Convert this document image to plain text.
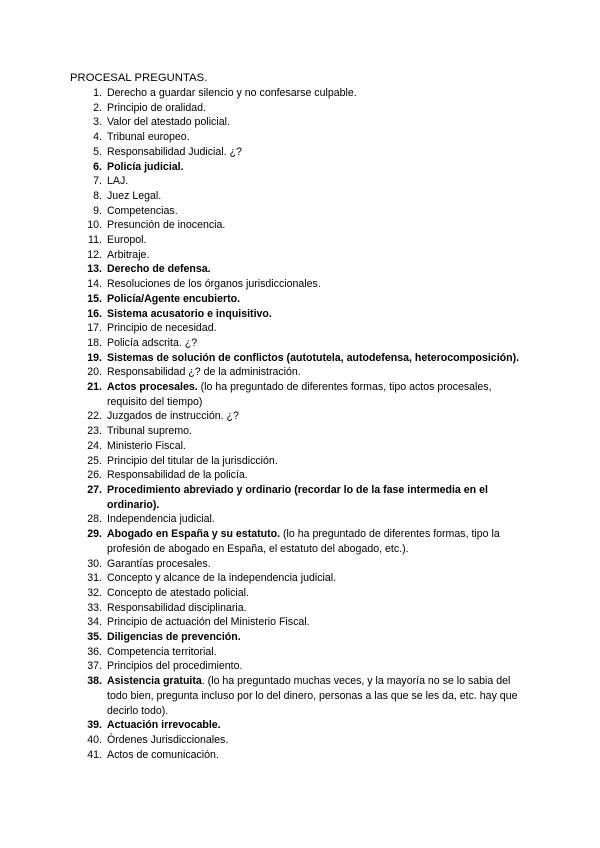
PROCESAL PREGUNTAS.
1. Derecho a guardar silencio y no confesarse culpable.
2. Principio de oralidad.
3. Valor del atestado policial.
4. Tribunal europeo.
5. Responsabilidad Judicial. ¿?
6. Policía judicial.
7. LAJ.
8. Juez Legal.
9. Competencias.
10. Presunción de inocencia.
11. Europol.
12. Arbitraje.
13. Derecho de defensa.
14. Resoluciones de los órganos jurisdiccionales.
15. Policía/Agente encubierto.
16. Sistema acusatorio e inquisitivo.
17. Principio de necesidad.
18. Policía adscrita. ¿?
19. Sistemas de solución de conflictos (autotutela, autodefensa, heterocomposición).
20. Responsabilidad ¿? de la administración.
21. Actos procesales. (lo ha preguntado de diferentes formas, tipo actos procesales, requisito del tiempo)
22. Juzgados de instrucción. ¿?
23. Tribunal supremo.
24. Ministerio Fiscal.
25. Principio del titular de la jurisdicción.
26. Responsabilidad de la policía.
27. Procedimiento abreviado y ordinario (recordar lo de la fase intermedia en el ordinario).
28. Independencia judicial.
29. Abogado en España y su estatuto. (lo ha preguntado de diferentes formas, tipo la profesión de abogado en España, el estatuto del abogado, etc.).
30. Garantías procesales.
31. Concepto y alcance de la independencia judicial.
32. Concepto de atestado policial.
33. Responsabilidad disciplinaria.
34. Principio de actuación del Ministerio Fiscal.
35. Diligencias de prevención.
36. Competencia territorial.
37. Principios del procedimiento.
38. Asistencia gratuita. (lo ha preguntado muchas veces, y la mayoría no se lo sabia del todo bien, pregunta incluso por lo del dinero, personas a las que se les da, etc. hay que decirlo todo).
39. Actuación irrevocable.
40. Órdenes Jurisdiccionales.
41. Actos de comunicación.
